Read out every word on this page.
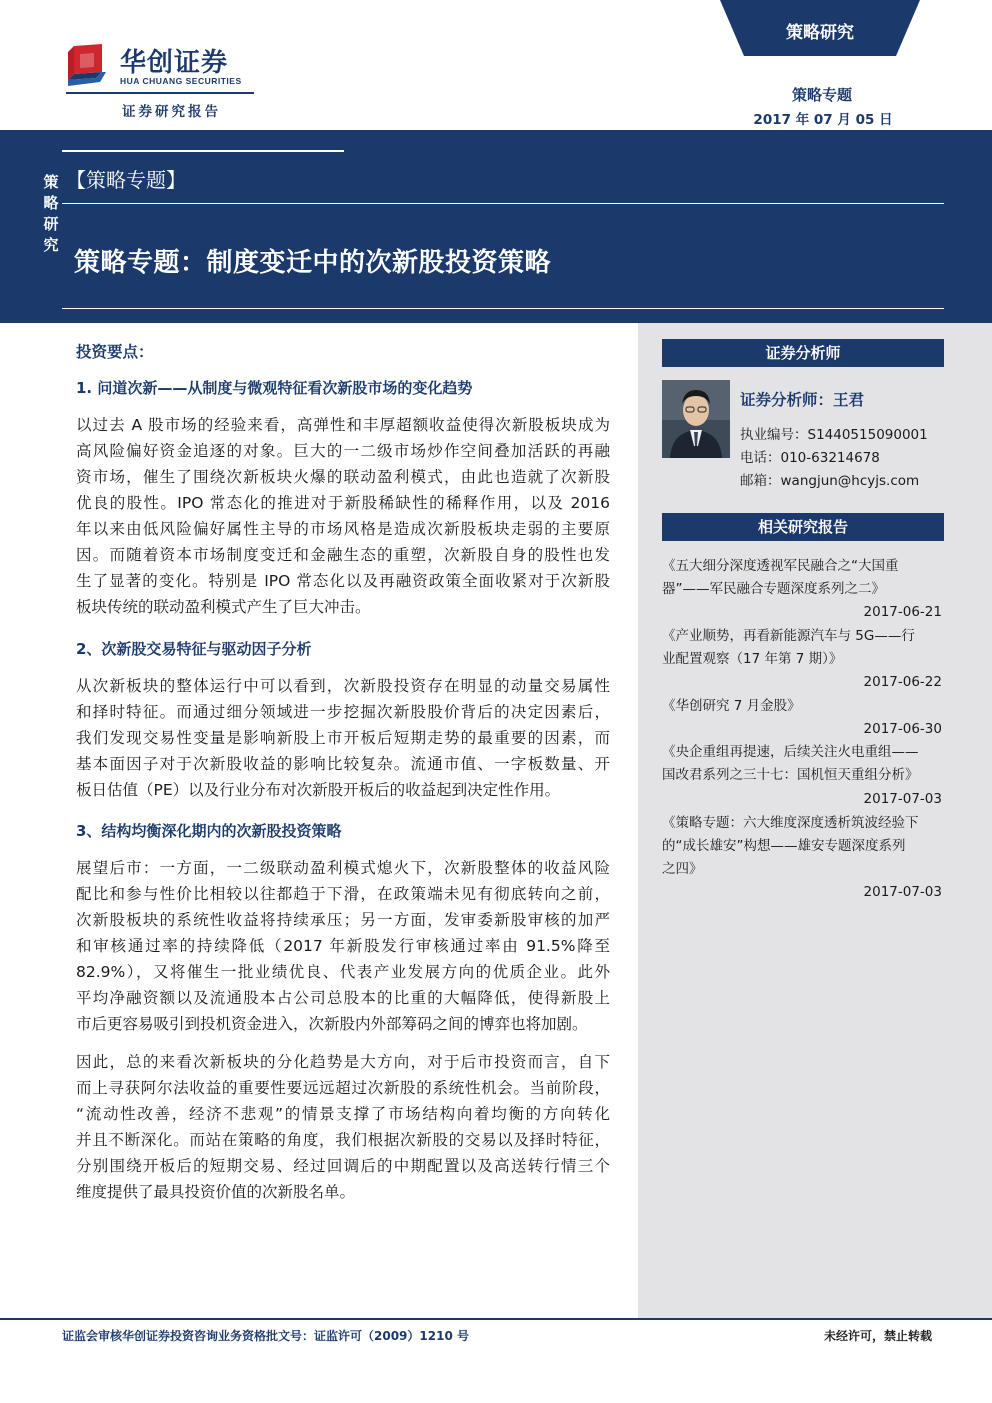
华创证券
HUA CHUANG SECURITIES
证券研究报告
策略研究
策略专题
2017 年 07 月 05 日
策略研究
【策略专题】
策略专题：制度变迁中的次新股投资策略
证券分析师
证券分析师：王君
执业编号：S1440515090001
电话：010-63214678
邮箱：wangjun@hcyjs.com
相关研究报告
《五大细分深度透视军民融合之“大国重
器”——军民融合专题深度系列之二》
2017-06-21
《产业顺势，再看新能源汽车与 5G——行
业配置观察（17 年第 7 期）》
2017-06-22
《华创研究 7 月金股》
2017-06-30
《央企重组再提速，后续关注火电重组——
国改君系列之三十七：国机恒天重组分析》
2017-07-03
《策略专题：六大维度深度透析筑波经验下
的“成长雄安”构想——雄安专题深度系列
之四》
2017-07-03
投资要点：
1. 问道次新——从制度与微观特征看次新股市场的变化趋势
以过去 A 股市场的经验来看，高弹性和丰厚超额收益使得次新股板块成为
高风险偏好资金追逐的对象。巨大的一二级市场炒作空间叠加活跃的再融
资市场，催生了围绕次新板块火爆的联动盈利模式，由此也造就了次新股
优良的股性。IPO 常态化的推进对于新股稀缺性的稀释作用，以及 2016
年以来由低风险偏好属性主导的市场风格是造成次新股板块走弱的主要原
因。而随着资本市场制度变迁和金融生态的重塑，次新股自身的股性也发
生了显著的变化。特别是 IPO 常态化以及再融资政策全面收紧对于次新股
板块传统的联动盈利模式产生了巨大冲击。
2、次新股交易特征与驱动因子分析
从次新板块的整体运行中可以看到，次新股投资存在明显的动量交易属性
和择时特征。而通过细分领域进一步挖掘次新股股价背后的决定因素后，
我们发现交易性变量是影响新股上市开板后短期走势的最重要的因素，而
基本面因子对于次新股收益的影响比较复杂。流通市值、一字板数量、开
板日估值（PE）以及行业分布对次新股开板后的收益起到决定性作用。
3、结构均衡深化期内的次新股投资策略
展望后市：一方面，一二级联动盈利模式熄火下，次新股整体的收益风险
配比和参与性价比相较以往都趋于下滑，在政策端未见有彻底转向之前，
次新股板块的系统性收益将持续承压；另一方面，发审委新股审核的加严
和审核通过率的持续降低（2017 年新股发行审核通过率由 91.5%降至
82.9%），又将催生一批业绩优良、代表产业发展方向的优质企业。此外
平均净融资额以及流通股本占公司总股本的比重的大幅降低，使得新股上
市后更容易吸引到投机资金进入，次新股内外部筹码之间的博弈也将加剧。
因此，总的来看次新板块的分化趋势是大方向，对于后市投资而言，自下
而上寻获阿尔法收益的重要性要远远超过次新股的系统性机会。当前阶段，
“流动性改善，经济不悲观”的情景支撑了市场结构向着均衡的方向转化
并且不断深化。而站在策略的角度，我们根据次新股的交易以及择时特征，
分别围绕开板后的短期交易、经过回调后的中期配置以及高送转行情三个
维度提供了最具投资价值的次新股名单。
证监会审核华创证券投资咨询业务资格批文号：证监许可（2009）1210 号	未经许可，禁止转载
